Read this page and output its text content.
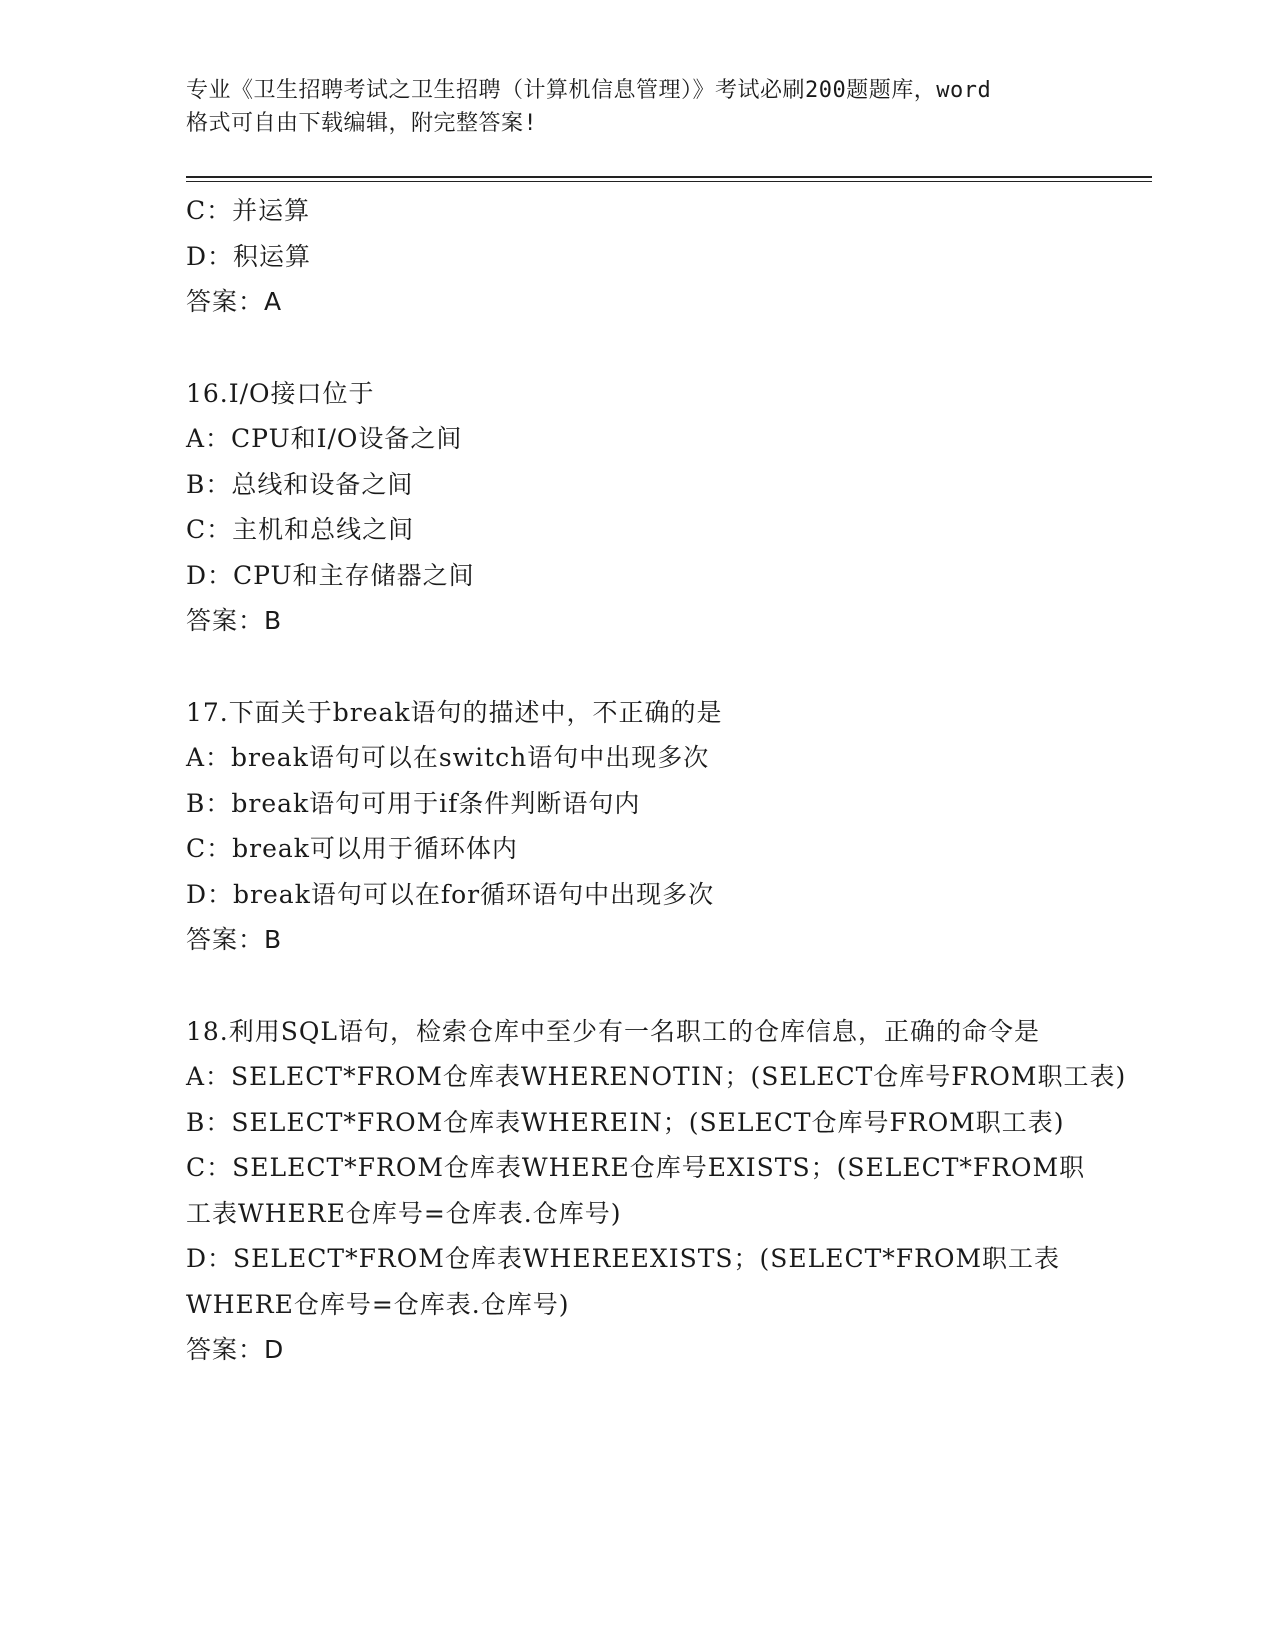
专业《卫生招聘考试之卫生招聘（计算机信息管理）》考试必刷200题题库，word
格式可自由下载编辑，附完整答案!
C：并运算
D：积运算
答案：A
16.I/O接口位于
A：CPU和I/O设备之间
B：总线和设备之间
C：主机和总线之间
D：CPU和主存储器之间
答案：B
17.下面关于break语句的描述中，不正确的是
A：break语句可以在switch语句中出现多次
B：break语句可用于if条件判断语句内
C：break可以用于循环体内
D：break语句可以在for循环语句中出现多次
答案：B
18.利用SQL语句，检索仓库中至少有一名职工的仓库信息，正确的命令是
A：SELECT*FROM仓库表WHERENOTIN；(SELECT仓库号FROM职工表)
B：SELECT*FROM仓库表WHEREIN；(SELECT仓库号FROM职工表)
C：SELECT*FROM仓库表WHERE仓库号EXISTS；(SELECT*FROM职工表WHERE仓库号=仓库表.仓库号)
D：SELECT*FROM仓库表WHEREEXISTS；(SELECT*FROM职工表WHERE仓库号=仓库表.仓库号)
答案：D
